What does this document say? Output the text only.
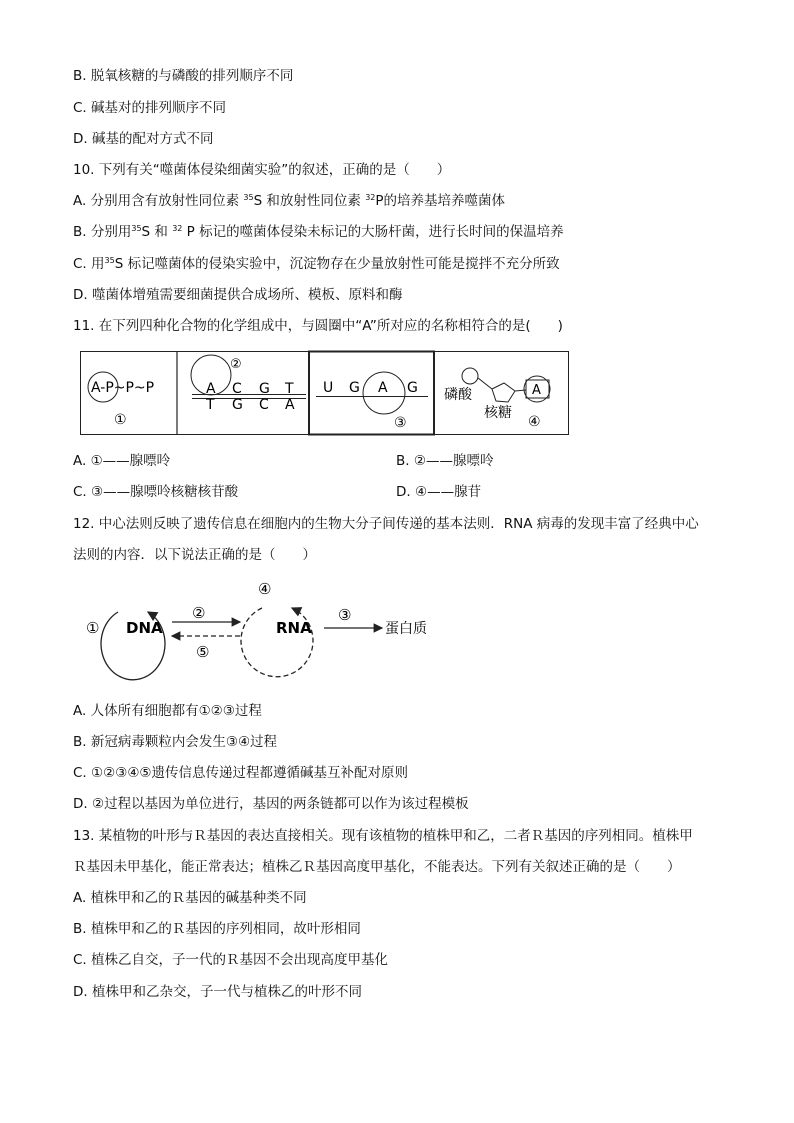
B. 脱氧核糖的与磷酸的排列顺序不同
C. 碱基对的排列顺序不同
D. 碱基的配对方式不同
10. 下列有关“噬菌体侵染细菌实验”的叙述，正确的是（　　）
A. 分别用含有放射性同位素 $^{35}$S 和放射性同位素 $^{32}$P的培养基培养噬菌体
B. 分别用$^{35}$S 和 $^{32}$ P 标记的噬菌体侵染未标记的大肠杆菌，进行长时间的保温培养
C. 用$^{35}$S 标记噬菌体的侵染实验中，沉淀物存在少量放射性可能是搅拌不充分所致
D. 噬菌体增殖需要细菌提供合成场所、模板、原料和酶
11. 在下列四种化合物的化学组成中，与圆圈中“A”所对应的名称相符合的是(　　)
A-P~P~P
①
②
A C G T
T G C A
U G A G
③
A
磷酸
核糖
④
A. ①——腺嘌呤	B. ②——腺嘌呤
C. ③——腺嘌呤核糖核苷酸	D. ④——腺苷
12. 中心法则反映了遗传信息在细胞内的生物大分子间传递的基本法则．RNA 病毒的发现丰富了经典中心
法则的内容．以下说法正确的是（　　）
① DNA
②
⑤
④
RNA
③
蛋白质
A. 人体所有细胞都有①②③过程
B. 新冠病毒颗粒内会发生③④过程
C. ①②③④⑤遗传信息传递过程都遵循碱基互补配对原则
D. ②过程以基因为单位进行，基因的两条链都可以作为该过程模板
13. 某植物的叶形与Ｒ基因的表达直接相关。现有该植物的植株甲和乙，二者Ｒ基因的序列相同。植株甲
Ｒ基因未甲基化，能正常表达；植株乙Ｒ基因高度甲基化，不能表达。下列有关叙述正确的是（　　）
A. 植株甲和乙的Ｒ基因的碱基种类不同
B. 植株甲和乙的Ｒ基因的序列相同，故叶形相同
C. 植株乙自交，子一代的Ｒ基因不会出现高度甲基化
D. 植株甲和乙杂交，子一代与植株乙的叶形不同
